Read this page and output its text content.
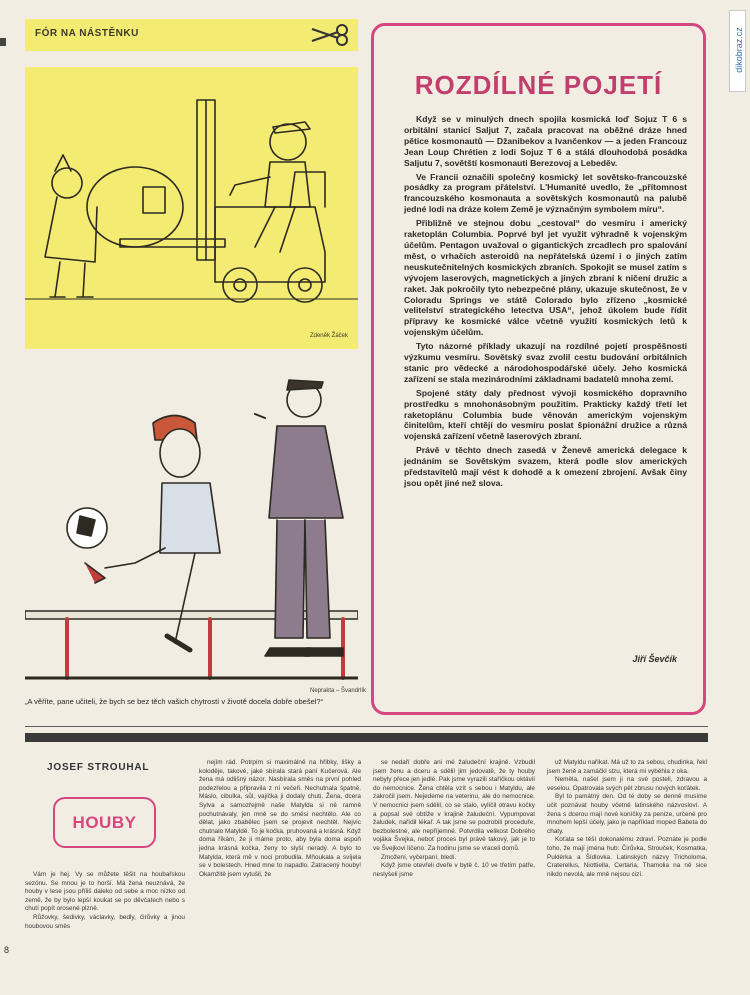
FÓR NA NÁSTĚNKU
Zdeněk Žáček
Neprakta – Švandrlík
„A věříte, pane učiteli, že bych se bez těch vašich chytrostí v životě docela dobře obešel?“
ROZDÍLNÉ POJETÍ

Když se v minulých dnech spojila kosmická loď Sojuz T 6 s orbitální stanicí Saljut 7, začala pracovat na oběžné dráze hned pětice kosmonautů — Džanibekov a Ivančenkov — a jeden Francouz Jean Loup Chrétien z lodi Sojuz T 6 a stálá dlouhodobá posádka Saljutu 7, sovětští kosmonauti Berezovoj a Lebeděv.

Ve Francii označili společný kosmický let sovětsko-francouzské posádky za program přátelství. L'Humanité uvedlo, že „přítomnost francouzského kosmonauta a sovětských kosmonautů na palubě jedné lodi na dráze kolem Země je význačným symbolem míru“.

Přibližně ve stejnou dobu „cestoval“ do vesmíru i americký raketoplán Columbia. Poprvé byl jet využit výhradně k vojenským účelům. Pentagon uvažoval o gigantických zrcadlech pro spalování měst, o vrhačích asteroidů na nepřátelská území i o jiných zatím neuskutečnitelných kosmických zbraních. Spokojit se musel zatím s vývojem laserových, magnetických a jiných zbraní k ničení družic a raket. Jak pokročily tyto nebezpečné plány, ukazuje skutečnost, že v Coloradu Springs ve státě Colorado bylo zřízeno „kosmické velitelství strategického letectva USA“, jehož úkolem bude řídit přípravy ke kosmické válce včetně využití kosmických letů k vojenským účelům.

Tyto názorné příklady ukazují na rozdílné pojetí prospěšnosti výzkumu vesmíru. Sovětský svaz zvolil cestu budování orbitálních stanic pro vědecké a národohospodářské účely. Jeho kosmická zařízení se stala mezinárodními základnami badatelů mnoha zemí.

Spojené státy daly přednost vývoji kosmického dopravního prostředku s mnohonásobným použitím. Prakticky každý třetí let raketoplánu Columbia bude věnován americkým vojenským činitelům, kteří chtějí do vesmíru poslat špionážní družice a různá vojenská zařízení včetně laserových zbraní.

Právě v těchto dnech zasedá v Ženevě americká delegace k jednáním se Sovětským svazem, která podle slov amerických představitelů mají vést k dohodě a k omezení zbrojení. Avšak činy jsou opět jiné než slova.

Jiří Ševčík
dikobraz.cz
JOSEF STROUHAL
HOUBY

Vám je hej. Vy se můžete těšit na houbařskou sezónu. Se mnou je to horší. Má žena neuznává, že houby v lese jsou příliš daleko od sebe a moc nízko od země, že by bylo lepší koukat se po děvčatech nebo s chutí popít orosené plzně.

Růžovky, šedivky, václavky, bedly, čirůvky a jinou houbovou směs

nejím rád. Potrpím si maximálně na hřibky, lišky a koloděje, takové, jaké sbírala stará paní Kučerová. Ale žena má odlišný názor. Nasbírala směs na první pohled podezřelou a připravila z ní večeři. Nechutnala špatně. Máslo, cibulka, sůl, vajíčka ji dodaly chuti. Žena, dcera Sylva a samozřejmě naše Matylda si ně ramně pochutnávaly, jen mně se do směsi nechtělo. Ale co dělat, jako zbabělec jsem se projevit nechtěl. Nejvíc chutnalo Matyldě. To je kočka, pruhovaná a krásná. Když doma říkám, že ji máme proto, aby byla doma aspoň jedna krásná kočka, ženy to slyší neradý. A bylo to Matylda, která mě v noci probudila. Mňoukala a svíjela se v bolestech. Hned mne to napadlo. Zatracený houby! Okamžitě jsem vytušil, že

se nedaří dobře ani mé žaludeční krajině. Vzbudil jsem ženu a dceru a sdělil jim jedovatě, že ty houby nebyly přece jen jedlé. Pak jsme vyrazili staříčkou oktávií do nemocnice. Žena chtěla vzít s sebou i Matyldu, ale zakročil jsem. Nejedeme na veterinu, ale do nemocnice. V nemocnici jsem sdělil, co se stalo, vylíčil otravu kočky a popsal své obtíže v krajině žaludeční. Vypumpovat žaludek, nařídil lékař. A tak jsme se podrobili proceduře, bezbolestné, ale nepříjemné. Potvrdila velikost Dobrého vojáka Švejka, neboť proces byl právě takový, jak je to ve Švejkovi líčeno. Za hodinu jsme se vraceli domů.

Zmožení, vyčerpaní, bledí.

Když jsme otevřeli dveře v bytě č. 10 ve třetím patře, neslyšeli jsme

už Matyldu naříkat. Má už to za sebou, chudinka, řekl jsem ženě a zamáčkl slzu, která mi vyběhla z oka.

Neměla, našel jsem ji na své posteli, zdravou a veselou. Opatrovala svých pět zbrusu nových koťátek.

Byl to památný den. Od té doby se denně musíme učit poznávat houby včetně latinského názvosloví. A žena s dcerou mají nové koníčky za peníze, určené pro mnohem lepší účely, jako je například moped Babeta do chaty.

Koťata se těší dokonalému zdraví. Poznáte je podle toho, že mají jména hub: Čirůvka, Strouček, Kosmatka, Puklérka a Šídlovka. Latinských názvy Tricholoma, Craterellus, Niottiella, Certaria, Thamolia na ně sice nikdo nevolá, ale mně nejsou cizí.

8
